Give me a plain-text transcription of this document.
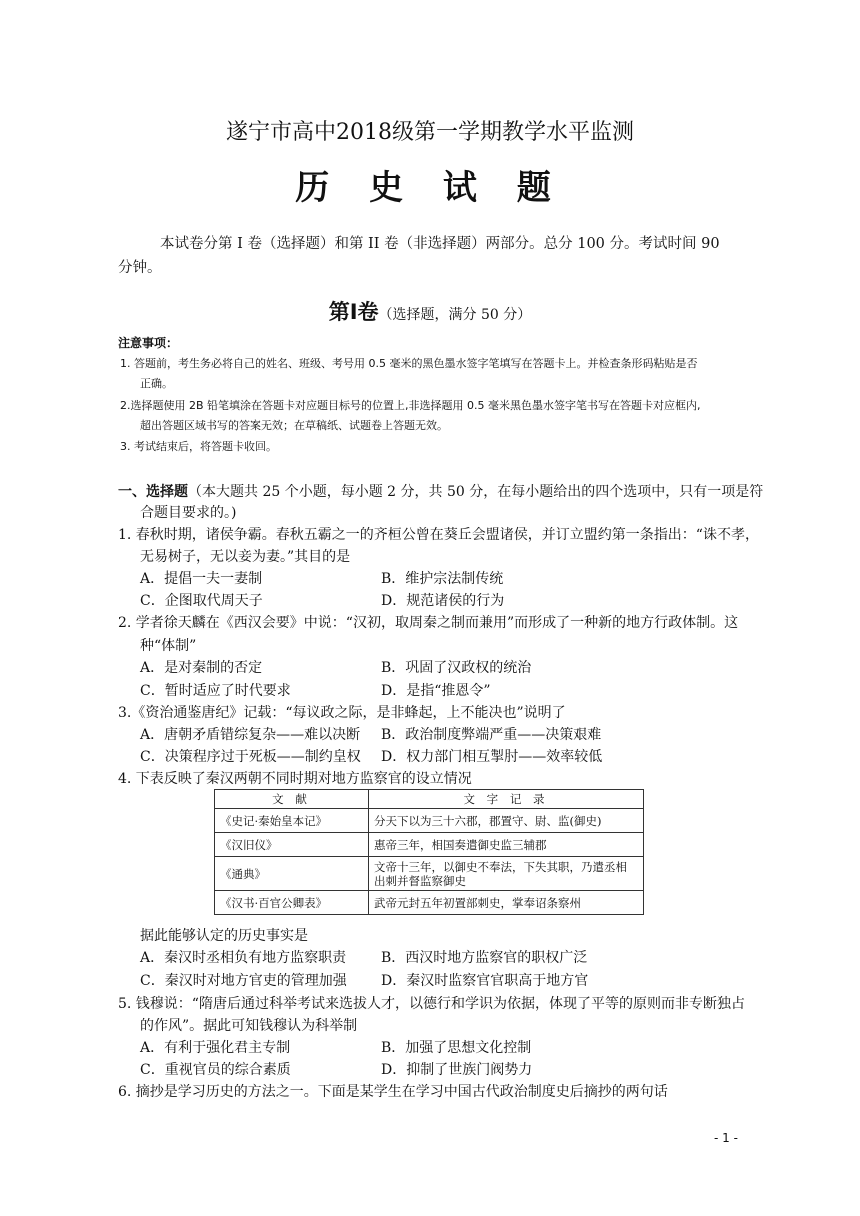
遂宁市高中2018级第一学期教学水平监测
历 史 试 题
本试卷分第 I 卷（选择题）和第 II 卷（非选择题）两部分。总分 100 分。考试时间 90
分钟。
第Ⅰ卷（选择题，满分 50 分）
注意事项：
1. 答题前，考生务必将自己的姓名、班级、考号用 0.5 毫米的黑色墨水签字笔填写在答题卡上。并检查条形码粘贴是否
正确。
2.选择题使用 2B 铅笔填涂在答题卡对应题目标号的位置上,非选择题用 0.5 毫米黑色墨水签字笔书写在答题卡对应框内,
超出答题区域书写的答案无效；在草稿纸、试题卷上答题无效。
3. 考试结束后，将答题卡收回。
一、选择题（本大题共 25 个小题，每小题 2 分，共 50 分，在每小题给出的四个选项中，只有一项是符
合题目要求的。)
1. 春秋时期，诸侯争霸。春秋五霸之一的齐桓公曾在葵丘会盟诸侯，并订立盟约第一条指出：“诛不孝，
无易树子，无以妾为妻。”其目的是
A．提倡一夫一妻制	B．维护宗法制传统
C．企图取代周天子	D．规范诸侯的行为
2. 学者徐天麟在《西汉会要》中说：“汉初，取周秦之制而兼用”而形成了一种新的地方行政体制。这
种“体制”
A．是对秦制的否定	B．巩固了汉政权的统治
C．暂时适应了时代要求	D．是指“推恩令”
3.《资治通鉴唐纪》记载：“每议政之际，是非蜂起，上不能决也”说明了
A．唐朝矛盾错综复杂——难以决断 B．政治制度弊端严重——决策艰难
C．决策程序过于死板——制约皇权 D．权力部门相互掣肘——效率较低
4. 下表反映了秦汉两朝不同时期对地方监察官的设立情况
文 献	文 字 记 录
《史记·秦始皇本记》	分天下以为三十六郡，郡置守、尉、监(御史)
《汉旧仪》	惠帝三年，相国奏遣御史监三辅郡
《通典》	文帝十三年，以御史不奉法，下失其职，乃遣丞相出刺并督监察御史
《汉书·百官公卿表》	武帝元封五年初置部刺史，掌奉诏条察州
据此能够认定的历史事实是
A．秦汉时丞相负有地方监察职责 B．西汉时地方监察官的职权广泛
C．秦汉时对地方官吏的管理加强 D．秦汉时监察官官职高于地方官
5. 钱穆说：“隋唐后通过科举考试来选拔人才，以德行和学识为依据，体现了平等的原则而非专断独占
的作风”。据此可知钱穆认为科举制
A．有利于强化君主专制	B．加强了思想文化控制
C．重视官员的综合素质	D．抑制了世族门阀势力
6. 摘抄是学习历史的方法之一。下面是某学生在学习中国古代政治制度史后摘抄的两句话
- 1 -
